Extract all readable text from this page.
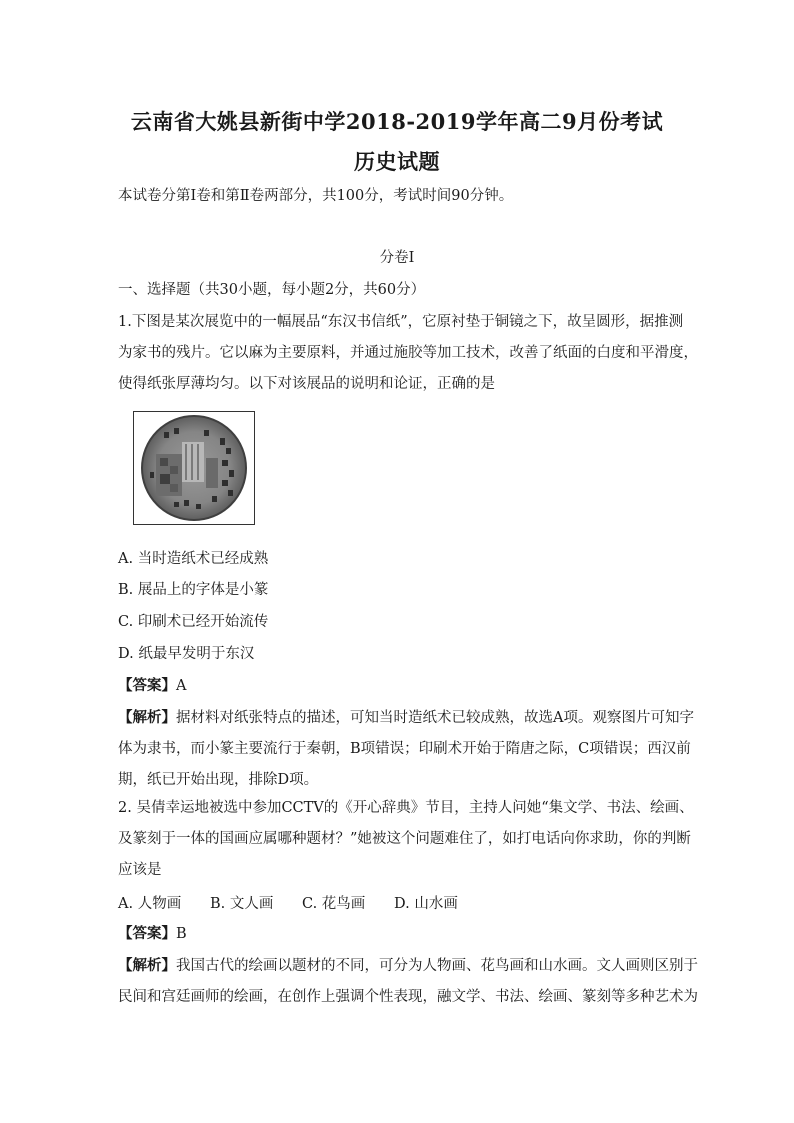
云南省大姚县新街中学2018-2019学年高二9月份考试
历史试题
本试卷分第Ⅰ卷和第Ⅱ卷两部分，共100分，考试时间90分钟。
分卷I
一、选择题（共30小题，每小题2分，共60分）
1.下图是某次展览中的一幅展品“东汉书信纸”，它原衬垫于铜镜之下，故呈圆形，据推测
为家书的残片。它以麻为主要原料，并通过施胶等加工技术，改善了纸面的白度和平滑度，
使得纸张厚薄均匀。以下对该展品的说明和论证，正确的是
A. 当时造纸术已经成熟
B. 展品上的字体是小篆
C. 印刷术已经开始流传
D. 纸最早发明于东汉
【答案】A
【解析】据材料对纸张特点的描述，可知当时造纸术已较成熟，故选A项。观察图片可知字
体为隶书，而小篆主要流行于秦朝，B项错误；印刷术开始于隋唐之际，C项错误；西汉前
期，纸已开始出现，排除D项。
2. 吴倩幸运地被选中参加CCTV的《开心辞典》节目，主持人问她“集文学、书法、绘画、
及篆刻于一体的国画应属哪种题材？”她被这个问题难住了，如打电话向你求助，你的判断
应该是
A. 人物画 B. 文人画 C. 花鸟画 D. 山水画
【答案】B
【解析】我国古代的绘画以题材的不同，可分为人物画、花鸟画和山水画。文人画则区别于
民间和宫廷画师的绘画，在创作上强调个性表现，融文学、书法、绘画、篆刻等多种艺术为
